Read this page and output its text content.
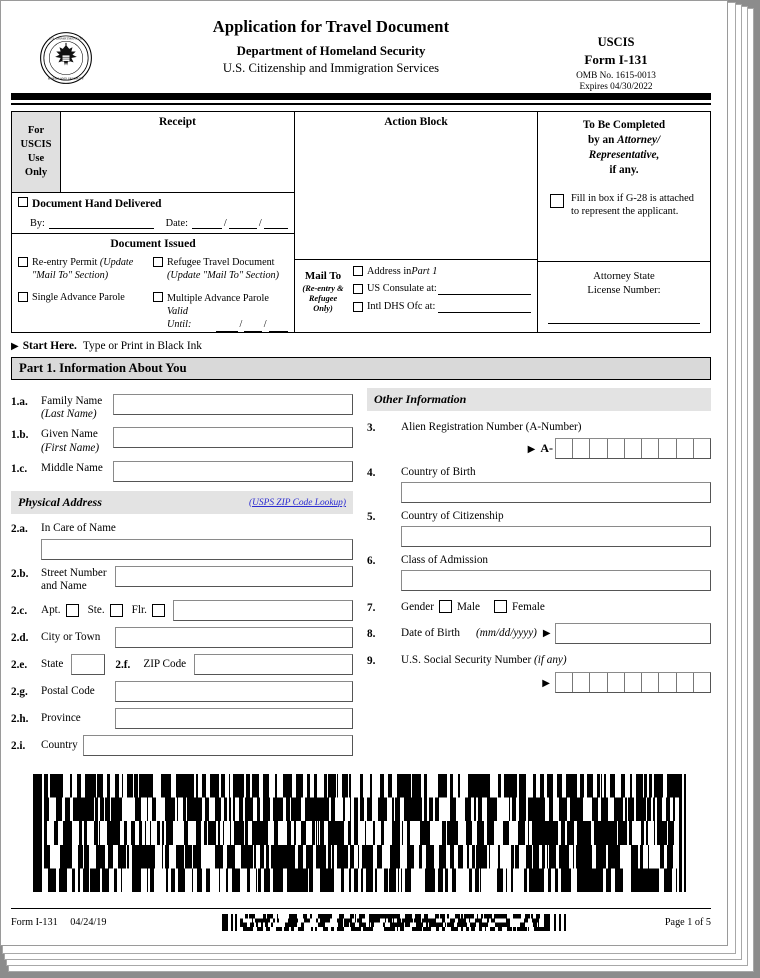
U.S. DEPARTMENT OF
HOMELAND SECURITY
Application for Travel Document
Department of Homeland Security
U.S. Citizenship and Immigration Services
USCIS
Form I-131
OMB No. 1615-0013
Expires 04/30/2022
For
USCIS
Use
Only
Receipt
Document Hand Delivered
By:	Date:	/	/
Document Issued
Re-entry Permit (Update "Mail To" Section)
Refugee Travel Document
(Update "Mail To" Section)
Single Advance Parole	Multiple Advance Parole

Valid Until:	/ /
Action Block
Mail To
(Re-entry &
Refugee
Only)
Address in Part 1
US Consulate at:
Intl DHS Ofc at:
To Be Completed
by an Attorney/
Representative,
if any.
Fill in box if G-28 is attached to represent the applicant.
Attorney State
License Number:
▶ Start Here. Type or Print in Black Ink
Part 1. Information About You
1.a.	Family Name
(Last Name)
1.b.	Given Name
(First Name)
1.c.	Middle Name
Physical Address	(USPS ZIP Code Lookup)
2.a.	In Care of Name
2.b.	Street Number
and Name
2.c.	Apt. Ste. Flr.
2.d.	City or Town
2.e.	State	2.f.	ZIP Code
2.g.	Postal Code
2.h.	Province
2.i.	Country
Other Information
3.	Alien Registration Number (A-Number)
▶ A-
4.	Country of Birth
5.	Country of Citizenship
6.	Class of Admission
7.	Gender Male	Female
8.	Date of Birth (mm/dd/yyyy) ▶
9.	U.S. Social Security Number (if any)
▶
Form I-131 04/24/19	Page 1 of 5
